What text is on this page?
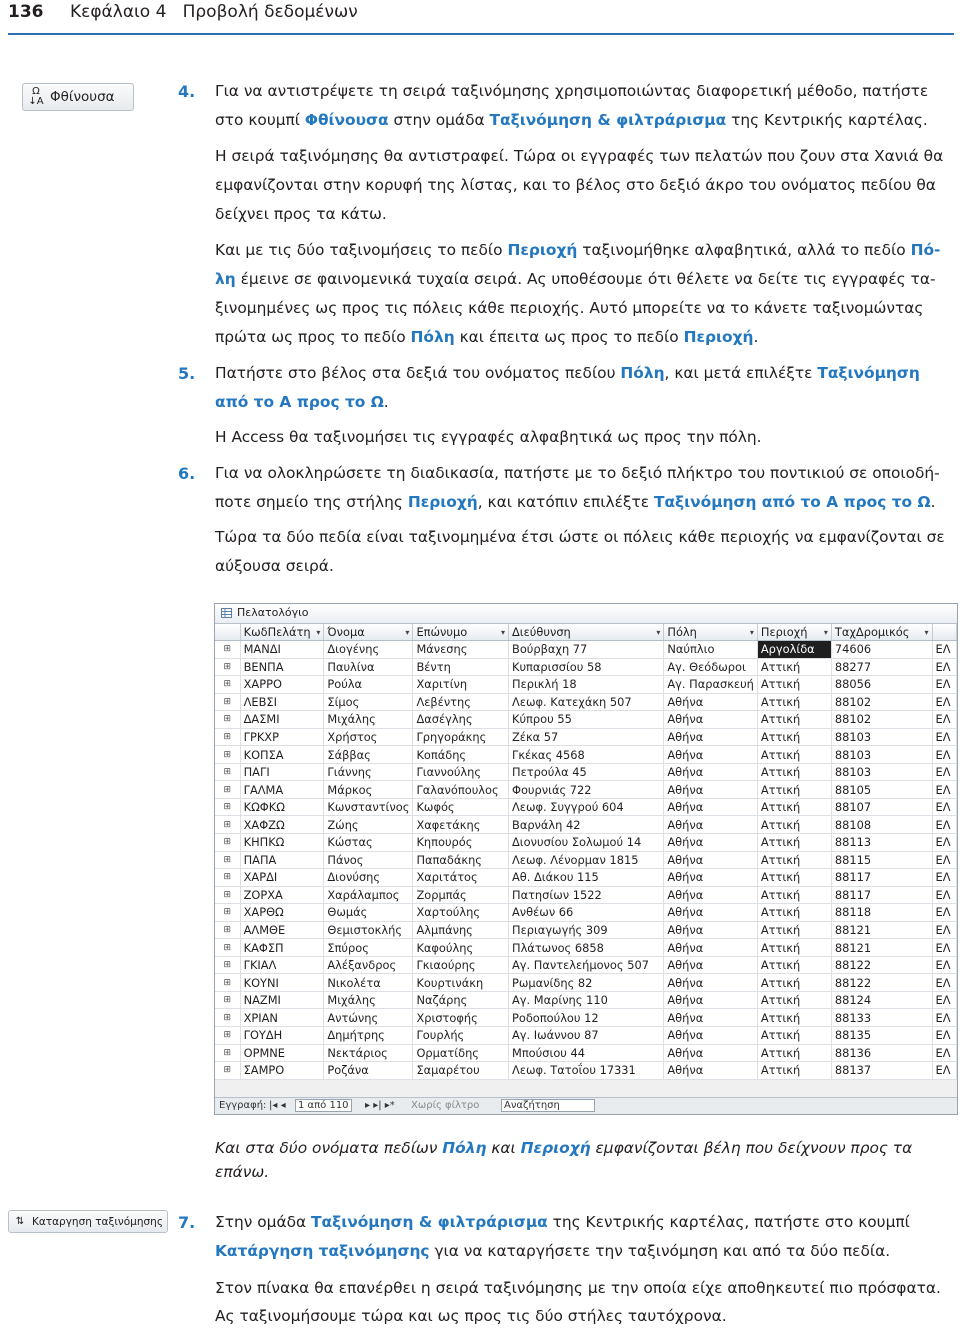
136 Κεφάλαιο 4   Προβολή δεδομένων
Ω
↓A Φθίνουσα	4. Για να αντιστρέψετε τη σειρά ταξινόμησης χρησιμοποιώντας διαφορετική μέθοδο, πατήστε
στο κουμπί Φθίνουσα στην ομάδα Ταξινόμηση & φιλτράρισμα της Κεντρικής καρτέλας.
Η σειρά ταξινόμησης θα αντιστραφεί. Τώρα οι εγγραφές των πελατών που ζουν στα Χανιά θα
εμφανίζονται στην κορυφή της λίστας, και το βέλος στο δεξιό άκρο του ονόματος πεδίου θα
δείχνει προς τα κάτω.
Και με τις δύο ταξινομήσεις το πεδίο Περιοχή ταξινομήθηκε αλφαβητικά, αλλά το πεδίο Πό-
λη έμεινε σε φαινομενικά τυχαία σειρά. Ας υποθέσουμε ότι θέλετε να δείτε τις εγγραφές τα-
ξινομημένες ως προς τις πόλεις κάθε περιοχής. Αυτό μπορείτε να το κάνετε ταξινομώντας
πρώτα ως προς το πεδίο Πόλη και έπειτα ως προς το πεδίο Περιοχή.
5. Πατήστε στο βέλος στα δεξιά του ονόματος πεδίου Πόλη, και μετά επιλέξτε Ταξινόμηση
από το Α προς το Ω.
Η Access θα ταξινομήσει τις εγγραφές αλφαβητικά ως προς την πόλη.
6. Για να ολοκληρώσετε τη διαδικασία, πατήστε με το δεξιό πλήκτρο του ποντικιού σε οποιοδή-
ποτε σημείο της στήλης Περιοχή, και κατόπιν επιλέξτε Ταξινόμηση από το Α προς το Ω.
Τώρα τα δύο πεδία είναι ταξινομημένα έτσι ώστε οι πόλεις κάθε περιοχής να εμφανίζονται σε
αύξουσα σειρά.
Πελατολόγιο
	ΚωδΠελάτη ▾	Όνομα ▾	Επώνυμο ▾	Διεύθυνση ▾	Πόλη ▾	Περιοχή ▾	ΤαχΔρομικός ▾	

⊞	ΜΑΝΔΙ	Διογένης	Μάνεσης	Βούρβαχη 77	Ναύπλιο	Αργολίδα	74606	ΕΛ
⊞	ΒΕΝΠΑ	Παυλίνα	Βέντη	Κυπαρισσίου 58	Αγ. Θεόδωροι	Αττική	88277	ΕΛ
⊞	ΧΑΡΡΟ	Ρούλα	Χαριτίνη	Περικλή 18	Αγ. Παρασκευή	Αττική	88056	ΕΛ
⊞	ΛΕΒΣΙ	Σίμος	Λεβέντης	Λεωφ. Κατεχάκη 507	Αθήνα	Αττική	88102	ΕΛ
⊞	ΔΑΣΜΙ	Μιχάλης	Δασέγλης	Κύπρου 55	Αθήνα	Αττική	88102	ΕΛ
⊞	ΓΡΚΧΡ	Χρήστος	Γρηγοράκης	Ζέκα 57	Αθήνα	Αττική	88103	ΕΛ
⊞	ΚΟΠΣΑ	Σάββας	Κοπάδης	Γκέκας 4568	Αθήνα	Αττική	88103	ΕΛ
⊞	ΠΑΓΙ	Γιάννης	Γιαννούλης	Πετρούλα 45	Αθήνα	Αττική	88103	ΕΛ
⊞	ΓΑΛΜΑ	Μάρκος	Γαλανόπουλος	Φουρνιάς 722	Αθήνα	Αττική	88105	ΕΛ
⊞	ΚΩΦΚΩ	Κωνσταντίνος	Κωφός	Λεωφ. Συγγρού 604	Αθήνα	Αττική	88107	ΕΛ
⊞	ΧΑΦΖΩ	Ζώης	Χαφετάκης	Βαρνάλη 42	Αθήνα	Αττική	88108	ΕΛ
⊞	ΚΗΠΚΩ	Κώστας	Κηπουρός	Διονυσίου Σολωμού 14	Αθήνα	Αττική	88113	ΕΛ
⊞	ΠΑΠΑ	Πάνος	Παπαδάκης	Λεωφ. Λένορμαν 1815	Αθήνα	Αττική	88115	ΕΛ
⊞	ΧΑΡΔΙ	Διονύσης	Χαριτάτος	Αθ. Διάκου 115	Αθήνα	Αττική	88117	ΕΛ
⊞	ΖΟΡΧΑ	Χαράλαμπος	Ζορμπάς	Πατησίων 1522	Αθήνα	Αττική	88117	ΕΛ
⊞	ΧΑΡΘΩ	Θωμάς	Χαρτούλης	Ανθέων 66	Αθήνα	Αττική	88118	ΕΛ
⊞	ΑΛΜΘΕ	Θεμιστοκλής	Αλμπάνης	Περιαγωγής 309	Αθήνα	Αττική	88121	ΕΛ
⊞	ΚΑΦΣΠ	Σπύρος	Καφούλης	Πλάτωνος 6858	Αθήνα	Αττική	88121	ΕΛ
⊞	ΓΚΙΑΛ	Αλέξανδρος	Γκιαούρης	Αγ. Παντελεήμονος 507	Αθήνα	Αττική	88122	ΕΛ
⊞	ΚΟΥΝΙ	Νικολέτα	Κουρτινάκη	Ρωμανίδης 82	Αθήνα	Αττική	88122	ΕΛ
⊞	ΝΑΖΜΙ	Μιχάλης	Ναζάρης	Αγ. Μαρίνης 110	Αθήνα	Αττική	88124	ΕΛ
⊞	ΧΡΙΑΝ	Αντώνης	Χριστοφής	Ροδοπούλου 12	Αθήνα	Αττική	88133	ΕΛ
⊞	ΓΟΥΔΗ	Δημήτρης	Γουρλής	Αγ. Ιωάννου 87	Αθήνα	Αττική	88135	ΕΛ
⊞	ΟΡΜΝΕ	Νεκτάριος	Ορματίδης	Μπούσιου 44	Αθήνα	Αττική	88136	ΕΛ
⊞	ΣΑΜΡΟ	Ροζάνα	Σαμαρέτου	Λεωφ. Τατοΐου 17331	Αθήνα	Αττική	88137	ΕΛ
Εγγραφή: |◂ ◂	1 από 110	▸ ▸| ▸* Χωρίς φίλτρο	Αναζήτηση
Και στα δύο ονόματα πεδίων Πόλη και Περιοχή εμφανίζονται βέλη που δείχνουν προς τα
επάνω.
⇅ Καταργηση ταξινόμησης 7. Στην ομάδα Ταξινόμηση & φιλτράρισμα της Κεντρικής καρτέλας, πατήστε στο κουμπί
Κατάργηση ταξινόμησης για να καταργήσετε την ταξινόμηση και από τα δύο πεδία.
Στον πίνακα θα επανέρθει η σειρά ταξινόμησης με την οποία είχε αποθηκευτεί πιο πρόσφατα.
Ας ταξινομήσουμε τώρα και ως προς τις δύο στήλες ταυτόχρονα.
